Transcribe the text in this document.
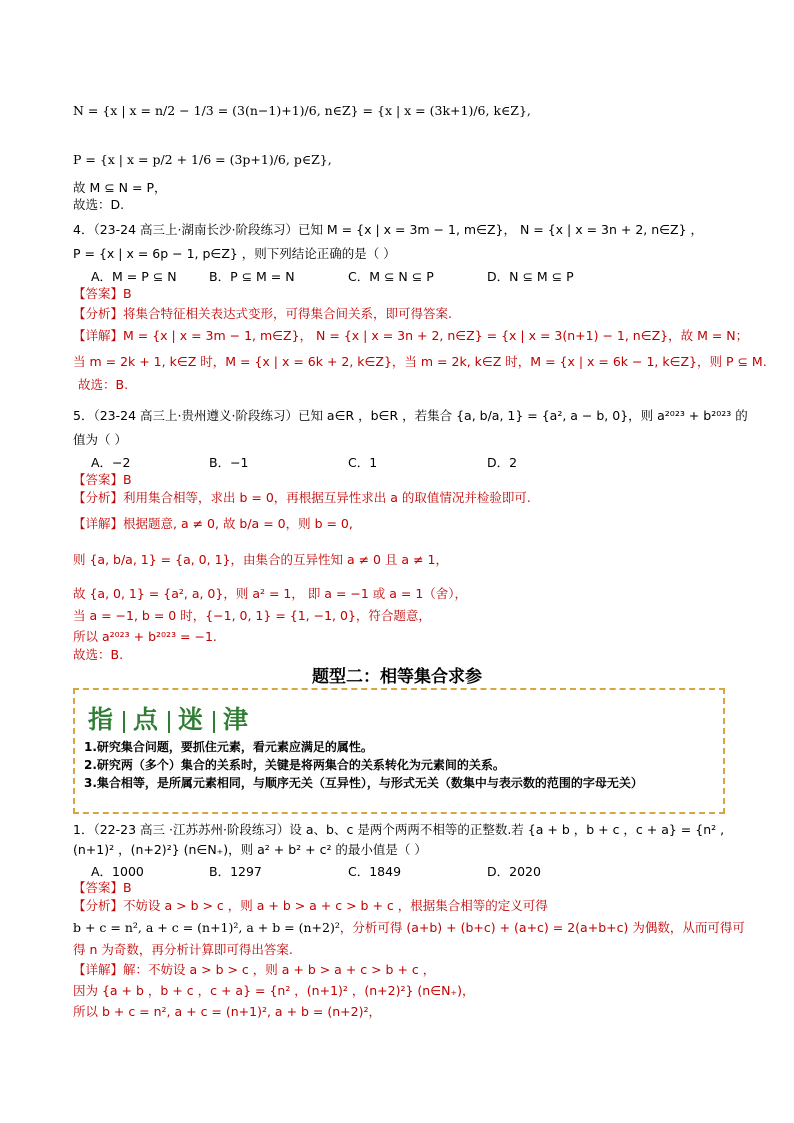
N = {x | x = n/2 − 1/3 = (3(n−1)+1)/6, n∈Z} = {x | x = (3k+1)/6, k∈Z},
P = {x | x = p/2 + 1/6 = (3p+1)/6, p∈Z},
故 M ⊆ N = P，
故选：D.
4．（23-24 高三上·湖南长沙·阶段练习）已知 M = {x | x = 3m − 1, m∈Z}， N = {x | x = 3n + 2, n∈Z} ，
P = {x | x = 6p − 1, p∈Z} ，则下列结论正确的是（ ）
A．M = P ⊆ N	B．P ⊆ M = N	C．M ⊆ N ⊆ P	D．N ⊆ M ⊆ P
【答案】B
【分析】将集合特征相关表达式变形，可得集合间关系，即可得答案.
【详解】M = {x | x = 3m − 1, m∈Z}， N = {x | x = 3n + 2, n∈Z} = {x | x = 3(n+1) − 1, n∈Z}，故 M = N；
当 m = 2k + 1, k∈Z 时，M = {x | x = 6k + 2, k∈Z}，当 m = 2k, k∈Z 时，M = {x | x = 6k − 1, k∈Z}，则 P ⊆ M.
故选：B.
5．（23-24 高三上·贵州遵义·阶段练习）已知 a∈R ，b∈R ，若集合 {a, b/a, 1} = {a², a − b, 0}，则 a²⁰²³ + b²⁰²³ 的
值为（ ）
A．−2	B．−1	C．1	D．2
【答案】B
【分析】利用集合相等，求出 b = 0，再根据互异性求出 a 的取值情况并检验即可.
【详解】根据题意, a ≠ 0, 故 b/a = 0，则 b = 0,
则 {a, b/a, 1} = {a, 0, 1}，由集合的互异性知 a ≠ 0 且 a ≠ 1，
故 {a, 0, 1} = {a², a, 0}，则 a² = 1， 即 a = −1 或 a = 1（舍），
当 a = −1, b = 0 时，{−1, 0, 1} = {1, −1, 0}，符合题意，
所以 a²⁰²³ + b²⁰²³ = −1.
故选：B.
题型二：相等集合求参
指 点 迷 津
1.研究集合问题，要抓住元素，看元素应满足的属性。
2.研究两（多个）集合的关系时，关键是将两集合的关系转化为元素间的关系。
3.集合相等，是所属元素相同，与顺序无关（互异性），与形式无关（数集中与表示数的范围的字母无关）
1．（22-23 高三 ·江苏苏州·阶段练习）设 a、b、c 是两个两两不相等的正整数.若 {a + b ，b + c ，c + a} = {n² ,
(n+1)² ，(n+2)²} (n∈N₊)，则 a² + b² + c² 的最小值是（ ）
A．1000	B．1297	C．1849	D．2020
【答案】B
【分析】不妨设 a > b > c ，则 a + b > a + c > b + c ，根据集合相等的定义可得
b + c = n², a + c = (n+1)², a + b = (n+2)²，分析可得 (a+b) + (b+c) + (a+c) = 2(a+b+c) 为偶数，从而可得可
得 n 为奇数，再分析计算即可得出答案.
【详解】解：不妨设 a > b > c ，则 a + b > a + c > b + c ，
因为 {a + b ，b + c ，c + a} = {n² ，(n+1)² ，(n+2)²} (n∈N₊)，
所以 b + c = n², a + c = (n+1)², a + b = (n+2)²，
